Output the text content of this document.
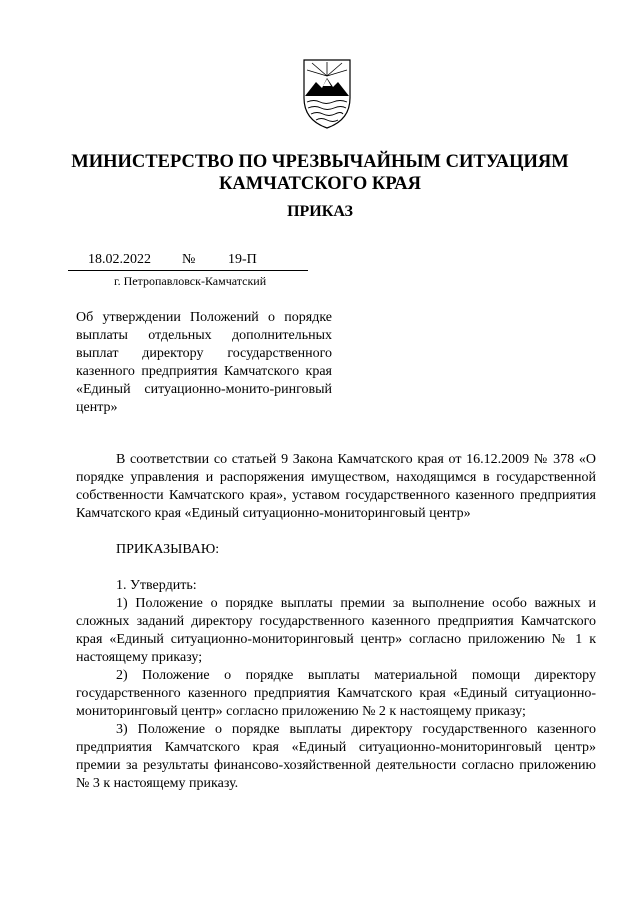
МИНИСТЕРСТВО ПО ЧРЕЗВЫЧАЙНЫМ СИТУАЦИЯМ
КАМЧАТСКОГО КРАЯ
ПРИКАЗ
18.02.2022 № 19-П
г. Петропавловск-Камчатский
Об утверждении Положений о порядке выплаты отдельных дополнительных выплат директору государственного казенного предприятия Камчатского края «Единый ситуационно-монито-ринговый центр»

В соответствии со статьей 9 Закона Камчатского края от 16.12.2009 № 378 «О порядке управления и распоряжения имуществом, находящимся в государственной собственности Камчатского края», уставом государственного казенного предприятия Камчатского края «Единый ситуационно-мониторинговый центр»

ПРИКАЗЫВАЮ:

1. Утвердить:

1) Положение о порядке выплаты премии за выполнение особо важных и сложных заданий директору государственного казенного предприятия Камчатского края «Единый ситуационно-мониторинговый центр» согласно приложению № 1 к настоящему приказу;

2) Положение о порядке выплаты материальной помощи директору государственного казенного предприятия Камчатского края «Единый ситуационно-мониторинговый центр» согласно приложению № 2 к настоящему приказу;

3) Положение о порядке выплаты директору государственного казенного предприятия Камчатского края «Единый ситуационно-мониторинговый центр» премии за результаты финансово-хозяйственной деятельности согласно приложению № 3 к настоящему приказу.
